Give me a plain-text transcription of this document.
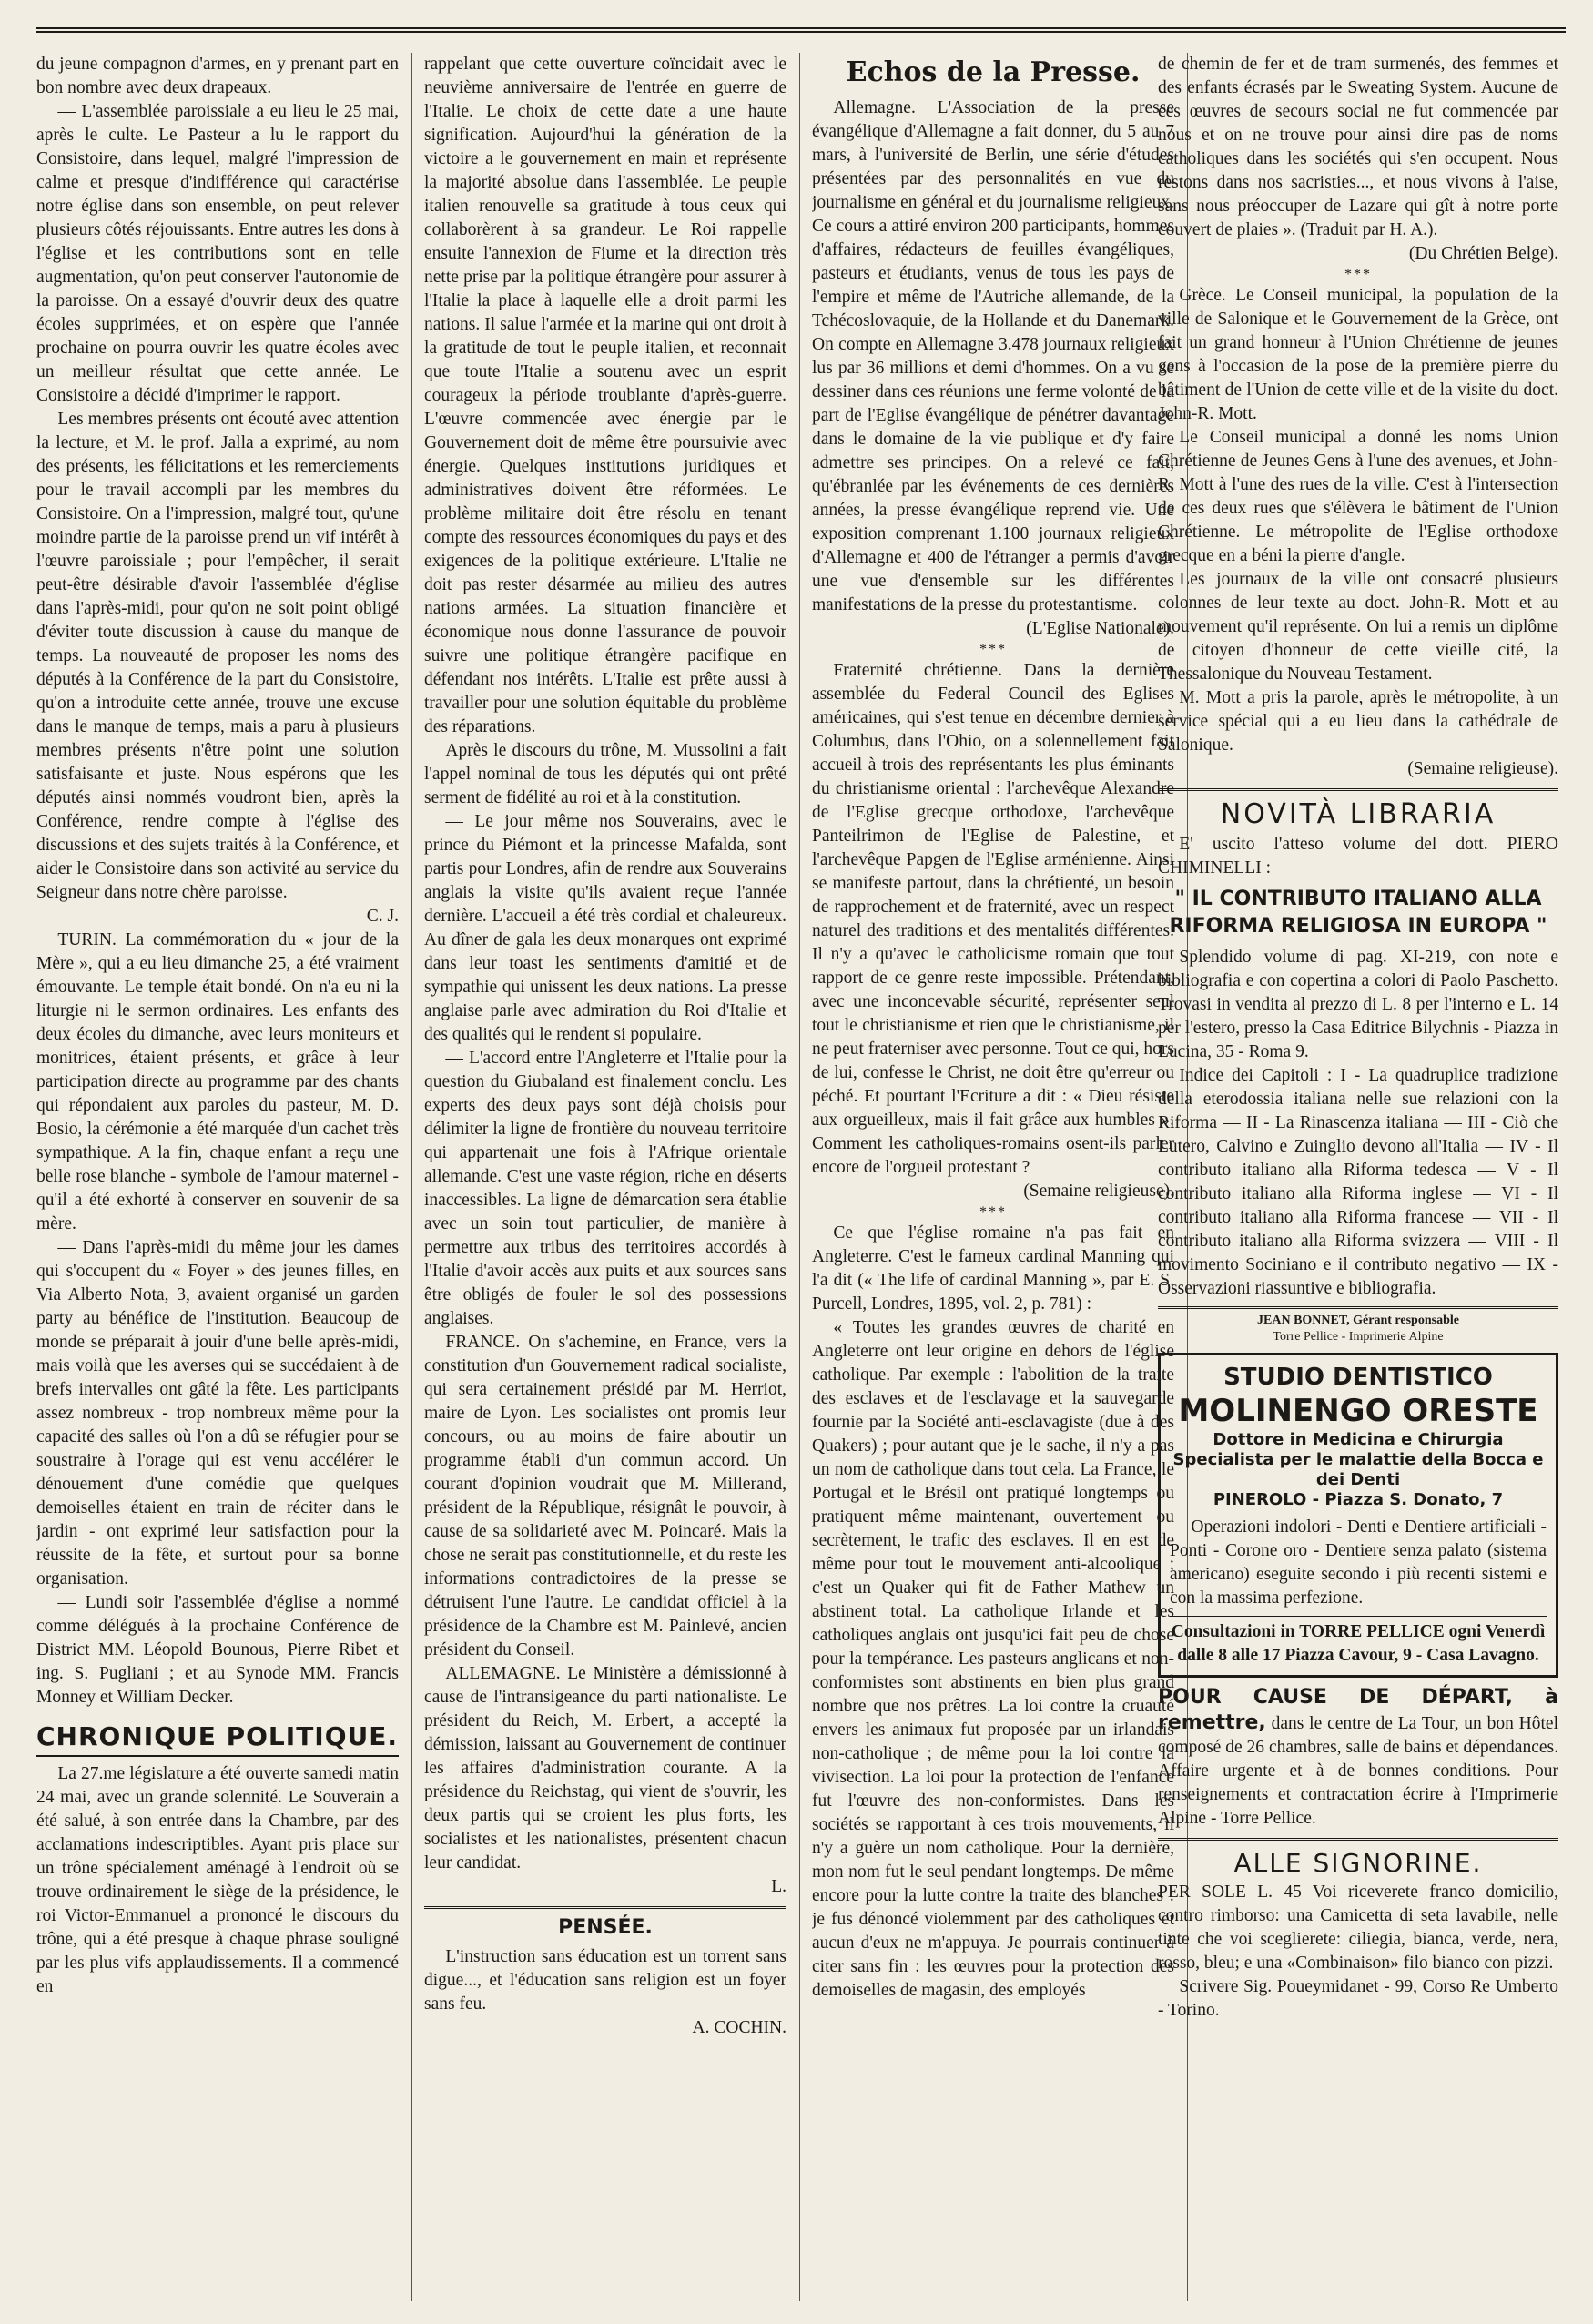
du jeune compagnon d'armes, en y prenant part en bon nombre avec deux drapeaux.

— L'assemblée paroissiale a eu lieu le 25 mai, après le culte. Le Pasteur a lu le rapport du Consistoire, dans lequel, malgré l'impression de calme et presque d'indifférence qui caractérise notre église dans son ensemble, on peut relever plusieurs côtés réjouissants. Entre autres les dons à l'église et les contributions sont en telle augmentation, qu'on peut conserver l'autonomie de la paroisse. On a essayé d'ouvrir deux des quatre écoles supprimées, et on espère que l'année prochaine on pourra ouvrir les quatre écoles avec un meilleur résultat que cette année. Le Consistoire a décidé d'imprimer le rapport.

Les membres présents ont écouté avec attention la lecture, et M. le prof. Jalla a exprimé, au nom des présents, les félicitations et les remerciements pour le travail accompli par les membres du Consistoire. On a l'impression, malgré tout, qu'une moindre partie de la paroisse prend un vif intérêt à l'œuvre paroissiale ; pour l'empêcher, il serait peut-être désirable d'avoir l'assemblée d'église dans l'après-midi, pour qu'on ne soit point obligé d'éviter toute discussion à cause du manque de temps. La nouveauté de proposer les noms des députés à la Conférence de la part du Consistoire, qu'on a introduite cette année, trouve une excuse dans le manque de temps, mais a paru à plusieurs membres présents n'être point une solution satisfaisante et juste. Nous espérons que les députés ainsi nommés voudront bien, après la Conférence, rendre compte à l'église des discussions et des sujets traités à la Conférence, et aider le Consistoire dans son activité au service du Seigneur dans notre chère paroisse.

C. J.

TURIN. La commémoration du « jour de la Mère », qui a eu lieu dimanche 25, a été vraiment émouvante. Le temple était bondé. On n'a eu ni la liturgie ni le sermon ordinaires. Les enfants des deux écoles du dimanche, avec leurs moniteurs et monitrices, étaient présents, et grâce à leur participation directe au programme par des chants qui répondaient aux paroles du pasteur, M. D. Bosio, la cérémonie a été marquée d'un cachet très sympathique. A la fin, chaque enfant a reçu une belle rose blanche - symbole de l'amour maternel - qu'il a été exhorté à conserver en souvenir de sa mère.

— Dans l'après-midi du même jour les dames qui s'occupent du « Foyer » des jeunes filles, en Via Alberto Nota, 3, avaient organisé un garden party au bénéfice de l'institution. Beaucoup de monde se préparait à jouir d'une belle après-midi, mais voilà que les averses qui se succédaient à de brefs intervalles ont gâté la fête. Les participants assez nombreux - trop nombreux même pour la capacité des salles où l'on a dû se réfugier pour se soustraire à l'orage qui est venu accélérer le dénouement d'une comédie que quelques demoiselles étaient en train de réciter dans le jardin - ont exprimé leur satisfaction pour la réussite de la fête, et surtout pour sa bonne organisation.

— Lundi soir l'assemblée d'église a nommé comme délégués à la prochaine Conférence de District MM. Léopold Bounous, Pierre Ribet et ing. S. Pugliani ; et au Synode MM. Francis Monney et William Decker.

CHRONIQUE POLITIQUE.

La 27.me législature a été ouverte samedi matin 24 mai, avec un grande solennité. Le Souverain a été salué, à son entrée dans la Chambre, par des acclamations indescriptibles. Ayant pris place sur un trône spécialement aménagé à l'endroit où se trouve ordinairement le siège de la présidence, le roi Victor-Emmanuel a prononcé le discours du trône, qui a été presque à chaque phrase souligné par les plus vifs applaudissements. Il a commencé en

rappelant que cette ouverture coïncidait avec le neuvième anniversaire de l'entrée en guerre de l'Italie. Le choix de cette date a une haute signification. Aujourd'hui la génération de la victoire a le gouvernement en main et représente la majorité absolue dans l'assemblée. Le peuple italien renouvelle sa gratitude à tous ceux qui collaborèrent à sa grandeur. Le Roi rappelle ensuite l'annexion de Fiume et la direction très nette prise par la politique étrangère pour assurer à l'Italie la place à laquelle elle a droit parmi les nations. Il salue l'armée et la marine qui ont droit à la gratitude de tout le peuple italien, et reconnait que toute l'Italie a soutenu avec un esprit courageux la période troublante d'après-guerre. L'œuvre commencée avec énergie par le Gouvernement doit de même être poursuivie avec énergie. Quelques institutions juridiques et administratives doivent être réformées. Le problème militaire doit être résolu en tenant compte des ressources économiques du pays et des exigences de la politique extérieure. L'Italie ne doit pas rester désarmée au milieu des autres nations armées. La situation financière et économique nous donne l'assurance de pouvoir suivre une politique étrangère pacifique en défendant nos intérêts. L'Italie est prête aussi à travailler pour une solution équitable du problème des réparations.

Après le discours du trône, M. Mussolini a fait l'appel nominal de tous les députés qui ont prêté serment de fidélité au roi et à la constitution.

— Le jour même nos Souverains, avec le prince du Piémont et la princesse Mafalda, sont partis pour Londres, afin de rendre aux Souverains anglais la visite qu'ils avaient reçue l'année dernière. L'accueil a été très cordial et chaleureux. Au dîner de gala les deux monarques ont exprimé dans leur toast les sentiments d'amitié et de sympathie qui unissent les deux nations. La presse anglaise parle avec admiration du Roi d'Italie et des qualités qui le rendent si populaire.

— L'accord entre l'Angleterre et l'Italie pour la question du Giubaland est finalement conclu. Les experts des deux pays sont déjà choisis pour délimiter la ligne de frontière du nouveau territoire qui appartenait une fois à l'Afrique orientale allemande. C'est une vaste région, riche en déserts inaccessibles. La ligne de démarcation sera établie avec un soin tout particulier, de manière à permettre aux tribus des territoires accordés à l'Italie d'avoir accès aux puits et aux sources sans être obligés de fouler le sol des possessions anglaises.

FRANCE. On s'achemine, en France, vers la constitution d'un Gouvernement radical socialiste, qui sera certainement présidé par M. Herriot, maire de Lyon. Les socialistes ont promis leur concours, ou au moins de faire aboutir un programme établi d'un commun accord. Un courant d'opinion voudrait que M. Millerand, président de la République, résignât le pouvoir, à cause de sa solidarieté avec M. Poincaré. Mais la chose ne serait pas constitutionnelle, et du reste les informations contradictoires de la presse se détruisent l'une l'autre. Le candidat officiel à la présidence de la Chambre est M. Painlevé, ancien président du Conseil.

ALLEMAGNE. Le Ministère a démissionné à cause de l'intransigeance du parti nationaliste. Le président du Reich, M. Erbert, a accepté la démission, laissant au Gouvernement de continuer les affaires d'administration courante. A la présidence du Reichstag, qui vient de s'ouvrir, les deux partis qui se croient les plus forts, les socialistes et les nationalistes, présentent chacun leur candidat.

L.

PENSÉE.

L'instruction sans éducation est un torrent sans digue..., et l'éducation sans religion est un foyer sans feu.

A. COCHIN.

Echos de la Presse.

Allemagne. L'Association de la presse évangélique d'Allemagne a fait donner, du 5 au 7 mars, à l'université de Berlin, une série d'études présentées par des personnalités en vue du journalisme en général et du journalisme religieux. Ce cours a attiré environ 200 participants, hommes d'affaires, rédacteurs de feuilles évangéliques, pasteurs et étudiants, venus de tous les pays de l'empire et même de l'Autriche allemande, de la Tchécoslovaquie, de la Hollande et du Danemark. On compte en Allemagne 3.478 journaux religieux lus par 36 millions et demi d'hommes. On a vu se dessiner dans ces réunions une ferme volonté de la part de l'Eglise évangélique de pénétrer davantage dans le domaine de la vie publique et d'y faire admettre ses principes. On a relevé ce fait, qu'ébranlée par les événements de ces dernières années, la presse évangélique reprend vie. Une exposition comprenant 1.100 journaux religieux d'Allemagne et 400 de l'étranger a permis d'avoir une vue d'ensemble sur les différentes manifestations de la presse du protestantisme.

(L'Eglise Nationale).

***

Fraternité chrétienne. Dans la dernière assemblée du Federal Council des Eglises américaines, qui s'est tenue en décembre dernier à Columbus, dans l'Ohio, on a solennellement fait accueil à trois des représentants les plus éminants du christianisme oriental : l'archevêque Alexandre de l'Eglise grecque orthodoxe, l'archevêque Panteilrimon de l'Eglise de Palestine, et l'archevêque Papgen de l'Eglise arménienne. Ainsi se manifeste partout, dans la chrétienté, un besoin de rapprochement et de fraternité, avec un respect naturel des traditions et des mentalités différentes. Il n'y a qu'avec le catholicisme romain que tout rapport de ce genre reste impossible. Prétendant, avec une inconcevable sécurité, représenter seul tout le christianisme et rien que le christianisme, il ne peut fraterniser avec personne. Tout ce qui, hors de lui, confesse le Christ, ne doit être qu'erreur ou péché. Et pourtant l'Ecriture a dit : « Dieu résiste aux orgueilleux, mais il fait grâce aux humbles ». Comment les catholiques-romains osent-ils parler encore de l'orgueil protestant ?

(Semaine religieuse).

***

Ce que l'église romaine n'a pas fait en Angleterre. C'est le fameux cardinal Manning qui l'a dit (« The life of cardinal Manning », par E. S. Purcell, Londres, 1895, vol. 2, p. 781) :

« Toutes les grandes œuvres de charité en Angleterre ont leur origine en dehors de l'église catholique. Par exemple : l'abolition de la traite des esclaves et de l'esclavage et la sauvegarde fournie par la Société anti-esclavagiste (due à des Quakers) ; pour autant que je le sache, il n'y a pas un nom de catholique dans tout cela. La France, le Portugal et le Brésil ont pratiqué longtemps ou pratiquent même maintenant, ouvertement ou secrètement, le trafic des esclaves. Il en est de même pour tout le mouvement anti-alcoolique ; c'est un Quaker qui fit de Father Mathew un abstinent total. La catholique Irlande et les catholiques anglais ont jusqu'ici fait peu de chose pour la tempérance. Les pasteurs anglicans et non-conformistes sont abstinents en bien plus grand nombre que nos prêtres. La loi contre la cruauté envers les animaux fut proposée par un irlandais non-catholique ; de même pour la loi contre la vivisection. La loi pour la protection de l'enfance fut l'œuvre des non-conformistes. Dans les sociétés se rapportant à ces trois mouvements, il n'y a guère un nom catholique. Pour la dernière, mon nom fut le seul pendant longtemps. De même encore pour la lutte contre la traite des blanches : je fus dénoncé violemment par des catholiques et aucun d'eux ne m'appuya. Je pourrais continuer à citer sans fin : les œuvres pour la protection des demoiselles de magasin, des employés

de chemin de fer et de tram surmenés, des femmes et des enfants écrasés par le Sweating System. Aucune de ces œuvres de secours social ne fut commencée par nous et on ne trouve pour ainsi dire pas de noms catholiques dans les sociétés qui s'en occupent. Nous restons dans nos sacristies..., et nous vivons à l'aise, sans nous préoccuper de Lazare qui gît à notre porte couvert de plaies ». (Traduit par H. A.).

(Du Chrétien Belge).

***

Grèce. Le Conseil municipal, la population de la ville de Salonique et le Gouvernement de la Grèce, ont fait un grand honneur à l'Union Chrétienne de jeunes gens à l'occasion de la pose de la première pierre du bâtiment de l'Union de cette ville et de la visite du doct. John-R. Mott.

Le Conseil municipal a donné les noms Union Chrétienne de Jeunes Gens à l'une des avenues, et John-R. Mott à l'une des rues de la ville. C'est à l'intersection de ces deux rues que s'élèvera le bâtiment de l'Union Chrétienne. Le métropolite de l'Eglise orthodoxe grecque en a béni la pierre d'angle.

Les journaux de la ville ont consacré plusieurs colonnes de leur texte au doct. John-R. Mott et au mouvement qu'il représente. On lui a remis un diplôme de citoyen d'honneur de cette vieille cité, la Thessalonique du Nouveau Testament.

M. Mott a pris la parole, après le métropolite, à un service spécial qui a eu lieu dans la cathédrale de Salonique.

(Semaine religieuse).

NOVITÀ LIBRARIA

E' uscito l'atteso volume del dott. PIERO CHIMINELLI :

" IL CONTRIBUTO ITALIANO ALLA RIFORMA RELIGIOSA IN EUROPA "

Splendido volume di pag. XI-219, con note e bibliografia e con copertina a colori di Paolo Paschetto. Trovasi in vendita al prezzo di L. 8 per l'interno e L. 14 per l'estero, presso la Casa Editrice Bilychnis - Piazza in Lucina, 35 - Roma 9.

Indice dei Capitoli : I - La quadruplice tradizione della eterodossia italiana nelle sue relazioni con la Riforma — II - La Rinascenza italiana — III - Ciò che Lutero, Calvino e Zuinglio devono all'Italia — IV - Il contributo italiano alla Riforma tedesca — V - Il contributo italiano alla Riforma inglese — VI - Il contributo italiano alla Riforma francese — VII - Il contributo italiano alla Riforma svizzera — VIII - Il movimento Sociniano e il contributo negativo — IX - Osservazioni riassuntive e bibliografia.

JEAN BONNET, Gérant responsable
Torre Pellice - Imprimerie Alpine
STUDIO DENTISTICO
MOLINENGO ORESTE
Dottore in Medicina e Chirurgia
Specialista per le malattie della Bocca e dei Denti
PINEROLO - Piazza S. Donato, 7

Operazioni indolori - Denti e Dentiere artificiali - Ponti - Corone oro - Dentiere senza palato (sistema americano) eseguite secondo i più recenti sistemi e con la massima perfezione.

Consultazioni in TORRE PELLICE ogni Venerdì dalle 8 alle 17 Piazza Cavour, 9 - Casa Lavagno.

POUR CAUSE DE DÉPART, à remettre, dans le centre de La Tour, un bon Hôtel composé de 26 chambres, salle de bains et dépendances. Affaire urgente et à de bonnes conditions. Pour renseignements et contractation écrire à l'Imprimerie Alpine - Torre Pellice.
ALLE SIGNORINE.

PER SOLE L. 45 Voi riceverete franco domicilio, contro rimborso: una Camicetta di seta lavabile, nelle tinte che voi sceglierete: ciliegia, bianca, verde, nera, rosso, bleu; e una «Combinaison» filo bianco con pizzi.

Scrivere Sig. Poueymidanet - 99, Corso Re Umberto - Torino.
